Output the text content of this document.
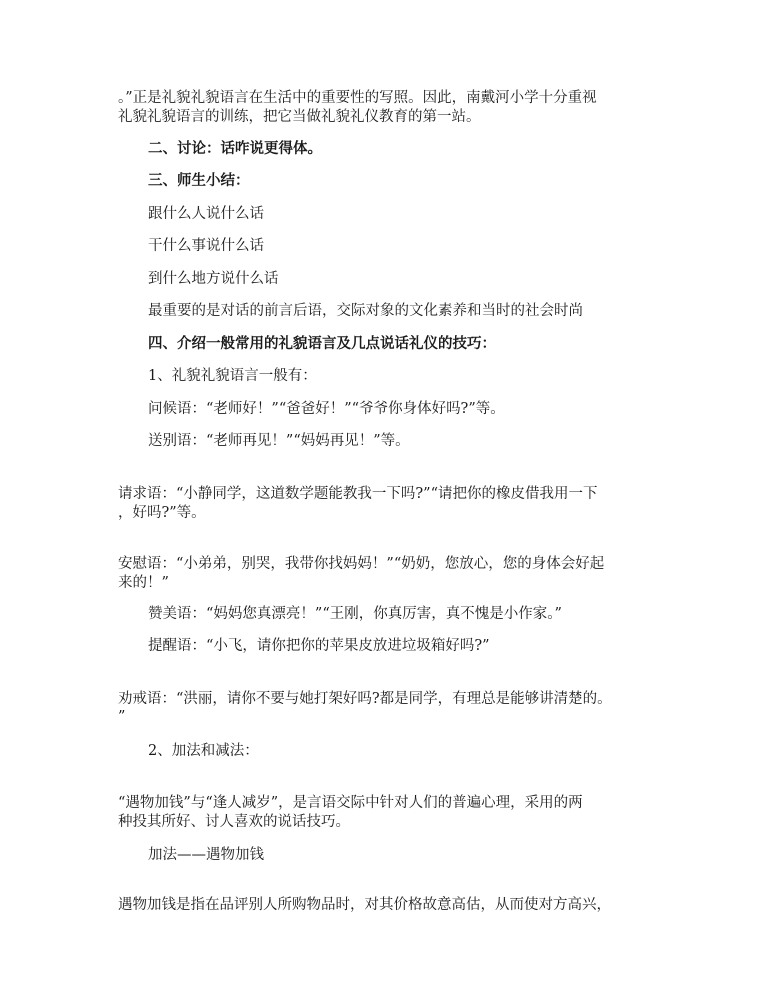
。”正是礼貌礼貌语言在生活中的重要性的写照。因此，南戴河小学十分重视
礼貌礼貌语言的训练，把它当做礼貌礼仪教育的第一站。
二、讨论：话咋说更得体。
三、师生小结：
跟什么人说什么话
干什么事说什么话
到什么地方说什么话
最重要的是对话的前言后语，交际对象的文化素养和当时的社会时尚
四、介绍一般常用的礼貌语言及几点说话礼仪的技巧：
1、礼貌礼貌语言一般有：
问候语：“老师好！”“爸爸好！”“爷爷你身体好吗?”等。
送别语：“老师再见！”“妈妈再见！”等。
请求语：“小静同学，这道数学题能教我一下吗?”“请把你的橡皮借我用一下
，好吗?”等。
安慰语：“小弟弟，别哭，我带你找妈妈！”“奶奶，您放心，您的身体会好起
来的！”
赞美语：“妈妈您真漂亮！”“王刚，你真厉害，真不愧是小作家。”
提醒语：“小飞，请你把你的苹果皮放进垃圾箱好吗?”
劝戒语：“洪丽，请你不要与她打架好吗?都是同学，有理总是能够讲清楚的。
”
2、加法和减法：
“遇物加钱”与“逢人减岁”，是言语交际中针对人们的普遍心理，采用的两
种投其所好、讨人喜欢的说话技巧。
加法——遇物加钱
遇物加钱是指在品评别人所购物品时，对其价格故意高估，从而使对方高兴，
